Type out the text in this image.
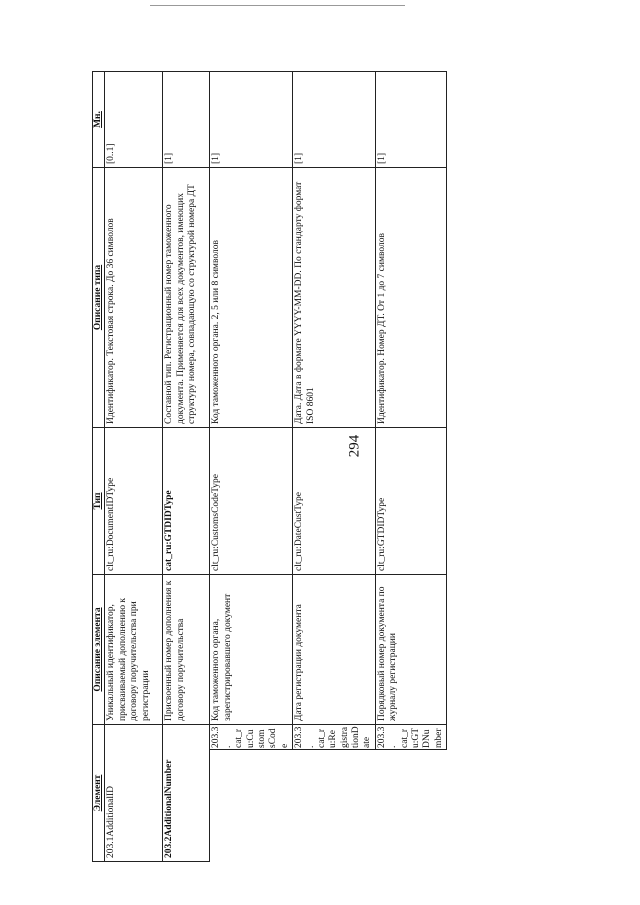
294
Элемент		Описание элемента	Тип	Описание типа	Мн.
203.1AdditionalID		Уникальный идентификатор, присваиваемый дополнению к договору поручительства при регистрации	clt_ru:DocumentIDType	Идентификатор. Текстовая строка. До 36 символов	[0..1]
203.2AdditionalNumber		Присвоенный номер дополнения к договору поручительства	cat_ru:GTDIDType	Составной тип. Регистрационный номер таможенного документа. Применяется для всех документов, имеющих структуру номера, совпадающую со структурой номера ДТ	[1]
	203.3. cat_ru:CustomsCode	Код таможенного органа, зарегистрировавшего документ	clt_ru:CustomsCodeType	Код таможенного органа. 2, 5 или 8 символов	[1]
	203.3. cat_ru:RegistrationDate	Дата регистрации документа	clt_ru:DateCustType	Дата. Дата в формате YYYY-MM-DD. По стандарту формат ISO 8601	[1]
	203.3. cat_ru:GTDNumber	Порядковый номер документа по журналу регистрации	clt_ru:GTDIDType	Идентификатор. Номер ДТ. От 1 до 7 символов	[1]
